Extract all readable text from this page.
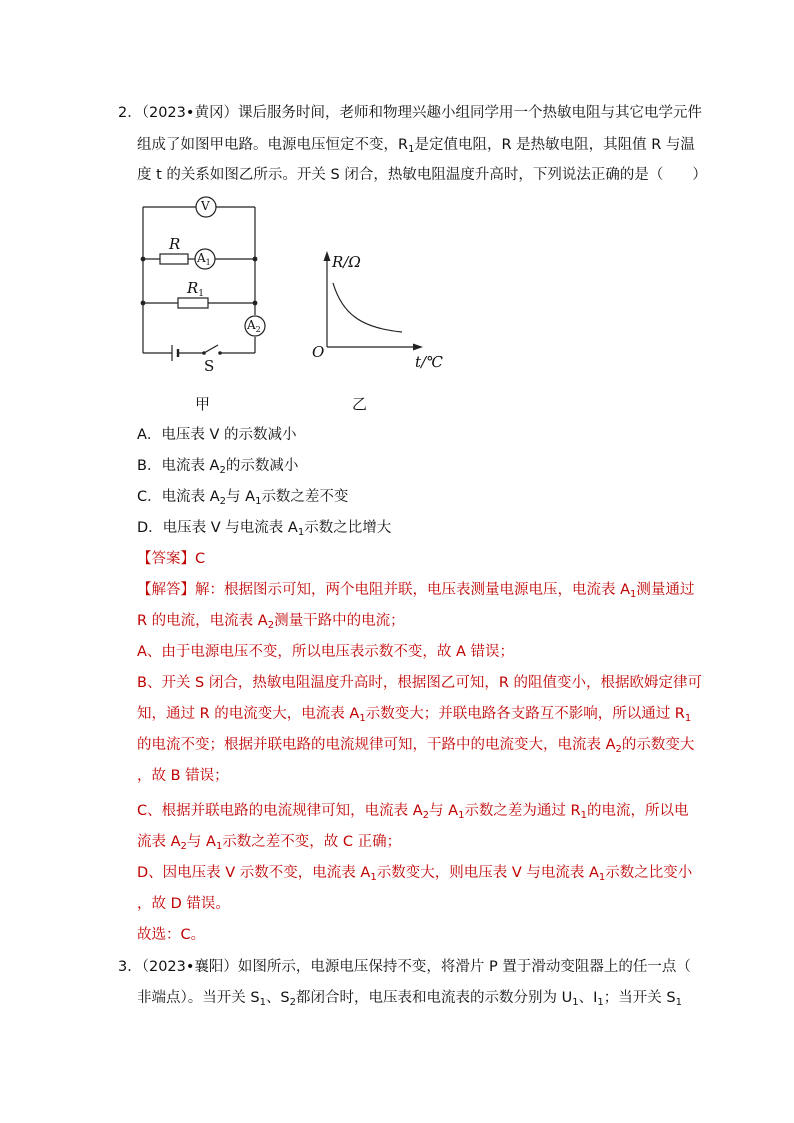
2．（2023•黄冈）课后服务时间，老师和物理兴趣小组同学用一个热敏电阻与其它电学元件
组成了如图甲电路。电源电压恒定不变，$R_1$是定值电阻，R 是热敏电阻，其阻值 R 与温
度 t 的关系如图乙所示。开关 S 闭合，热敏电阻温度升高时，下列说法正确的是（　　）
V
$A_1$
$A_2$
R
$R_1$
S
R/Ω
O
t/℃
甲	乙
A．电压表 V 的示数减小
B．电流表 $A_2$的示数减小
C．电流表 $A_2$与 $A_1$示数之差不变
D．电压表 V 与电流表 $A_1$示数之比增大
【答案】C
【解答】解：根据图示可知，两个电阻并联，电压表测量电源电压，电流表 $A_1$测量通过
R 的电流，电流表 $A_2$测量干路中的电流；
A、由于电源电压不变，所以电压表示数不变，故 A 错误；
B、开关 S 闭合，热敏电阻温度升高时，根据图乙可知，R 的阻值变小，根据欧姆定律可
知，通过 R 的电流变大，电流表 $A_1$示数变大；并联电路各支路互不影响，所以通过 $R_1$
的电流不变；根据并联电路的电流规律可知，干路中的电流变大，电流表 $A_2$的示数变大
，故 B 错误；
C、根据并联电路的电流规律可知，电流表 $A_2$与 $A_1$示数之差为通过 $R_1$的电流，所以电
流表 $A_2$与 $A_1$示数之差不变，故 C 正确；
D、因电压表 V 示数不变，电流表 $A_1$示数变大，则电压表 V 与电流表 $A_1$示数之比变小
，故 D 错误。
故选：C。
3．（2023•襄阳）如图所示，电源电压保持不变，将滑片 P 置于滑动变阻器上的任一点（
非端点）。当开关 $S_1$、$S_2$都闭合时，电压表和电流表的示数分别为 $U_1$、$I_1$；当开关 $S_1$
